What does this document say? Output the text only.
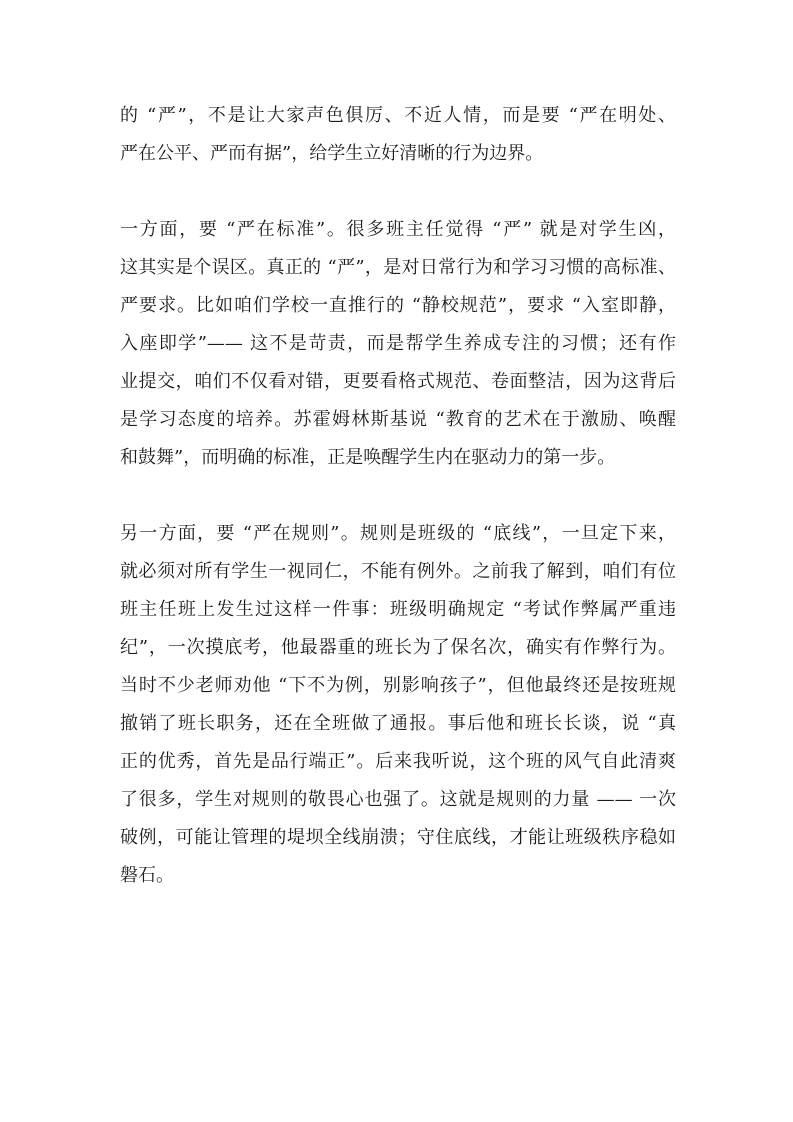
的 “严”，不是让大家声色俱厉、不近人情，而是要 “严在明处、
严在公平、严而有据”，给学生立好清晰的行为边界。
一方面，要 “严在标准”。很多班主任觉得 “严” 就是对学生凶，
这其实是个误区。真正的 “严”，是对日常行为和学习习惯的高标准、
严要求。比如咱们学校一直推行的 “静校规范”，要求 “入室即静，
入座即学”—— 这不是苛责，而是帮学生养成专注的习惯；还有作
业提交，咱们不仅看对错，更要看格式规范、卷面整洁，因为这背后
是学习态度的培养。苏霍姆林斯基说 “教育的艺术在于激励、唤醒
和鼓舞”，而明确的标准，正是唤醒学生内在驱动力的第一步。
另一方面，要 “严在规则”。规则是班级的 “底线”，一旦定下来，
就必须对所有学生一视同仁，不能有例外。之前我了解到，咱们有位
班主任班上发生过这样一件事：班级明确规定 “考试作弊属严重违
纪”，一次摸底考，他最器重的班长为了保名次，确实有作弊行为。
当时不少老师劝他 “下不为例，别影响孩子”，但他最终还是按班规
撤销了班长职务，还在全班做了通报。事后他和班长长谈，说 “真
正的优秀，首先是品行端正”。后来我听说，这个班的风气自此清爽
了很多，学生对规则的敬畏心也强了。这就是规则的力量 —— 一次
破例，可能让管理的堤坝全线崩溃；守住底线，才能让班级秩序稳如
磐石。
